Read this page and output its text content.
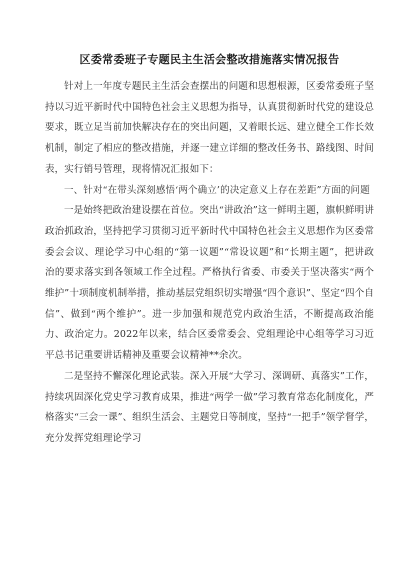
区委常委班子专题民主生活会整改措施落实情况报告

针对上一年度专题民主生活会查摆出的问题和思想根源，区委常委班子坚持以习近平新时代中国特色社会主义思想为指导，认真贯彻新时代党的建设总要求，既立足当前加快解决存在的突出问题，又着眼长远、建立健全工作长效机制，制定了相应的整改措施，并逐一建立详细的整改任务书、路线图、时间表，实行销号管理，现将情况汇报如下：

一、针对“在带头深刻感悟‘两个确立’的决定意义上存在差距”方面的问题

一是始终把政治建设摆在首位。突出“讲政治”这一鲜明主题，旗帜鲜明讲政治抓政治，坚持把学习贯彻习近平新时代中国特色社会主义思想作为区委常委会会议、理论学习中心组的“第一议题”“常设议题”和“长期主题”，把讲政治的要求落实到各领域工作全过程。严格执行省委、市委关于坚决落实“两个维护”十项制度机制举措，推动基层党组织切实增强“四个意识”、坚定“四个自信”、做到“两个维护”。进一步加强和规范党内政治生活，不断提高政治能力、政治定力。2022年以来，结合区委常委会、党组理论中心组等学习习近平总书记重要讲话精神及重要会议精神**余次。

二是坚持不懈深化理论武装。深入开展“大学习、深调研、真落实”工作，持续巩固深化党史学习教育成果，推进“两学一做”学习教育常态化制度化，严格落实“三会一课”、组织生活会、主题党日等制度，坚持“一把手”领学督学，充分发挥党组理论学习
